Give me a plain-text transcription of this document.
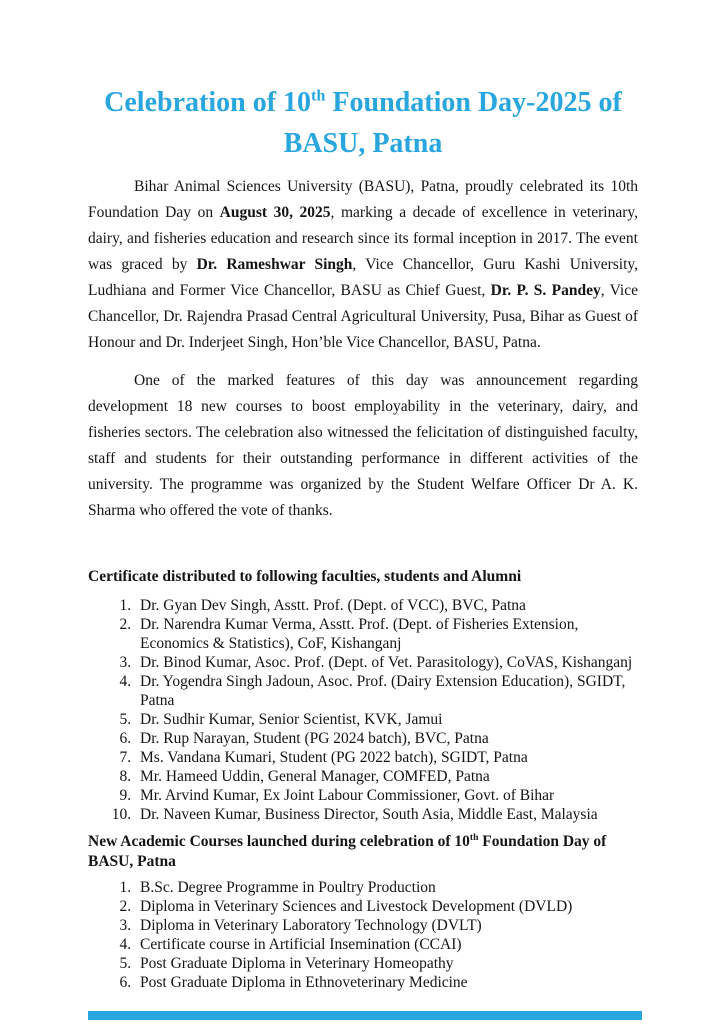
Celebration of 10th Foundation Day-2025 of
BASU, Patna

Bihar Animal Sciences University (BASU), Patna, proudly celebrated its 10th Foundation Day on August 30, 2025, marking a decade of excellence in veterinary, dairy, and fisheries education and research since its formal inception in 2017. The event was graced by Dr. Rameshwar Singh, Vice Chancellor, Guru Kashi University, Ludhiana and Former Vice Chancellor, BASU as Chief Guest, Dr. P. S. Pandey, Vice Chancellor, Dr. Rajendra Prasad Central Agricultural University, Pusa, Bihar as Guest of Honour and Dr. Inderjeet Singh, Hon’ble Vice Chancellor, BASU, Patna.

One of the marked features of this day was announcement regarding development 18 new courses to boost employability in the veterinary, dairy, and fisheries sectors. The celebration also witnessed the felicitation of distinguished faculty, staff and students for their outstanding performance in different activities of the university. The programme was organized by the Student Welfare Officer Dr A. K. Sharma who offered the vote of thanks.

Certificate distributed to following faculties, students and Alumni
1. Dr. Gyan Dev Singh, Asstt. Prof. (Dept. of VCC), BVC, Patna
2. Dr. Narendra Kumar Verma, Asstt. Prof. (Dept. of Fisheries Extension, Economics & Statistics), CoF, Kishanganj
3. Dr. Binod Kumar, Asoc. Prof. (Dept. of Vet. Parasitology), CoVAS, Kishanganj
4. Dr. Yogendra Singh Jadoun, Asoc. Prof. (Dairy Extension Education), SGIDT, Patna
5. Dr. Sudhir Kumar, Senior Scientist, KVK, Jamui
6. Dr. Rup Narayan, Student (PG 2024 batch), BVC, Patna
7. Ms. Vandana Kumari, Student (PG 2022 batch), SGIDT, Patna
8. Mr. Hameed Uddin, General Manager, COMFED, Patna
9. Mr. Arvind Kumar, Ex Joint Labour Commissioner, Govt. of Bihar
10. Dr. Naveen Kumar, Business Director, South Asia, Middle East, Malaysia
New Academic Courses launched during celebration of 10th Foundation Day of BASU, Patna
1. B.Sc. Degree Programme in Poultry Production
2. Diploma in Veterinary Sciences and Livestock Development (DVLD)
3. Diploma in Veterinary Laboratory Technology (DVLT)
4. Certificate course in Artificial Insemination (CCAI)
5. Post Graduate Diploma in Veterinary Homeopathy
6. Post Graduate Diploma in Ethnoveterinary Medicine
